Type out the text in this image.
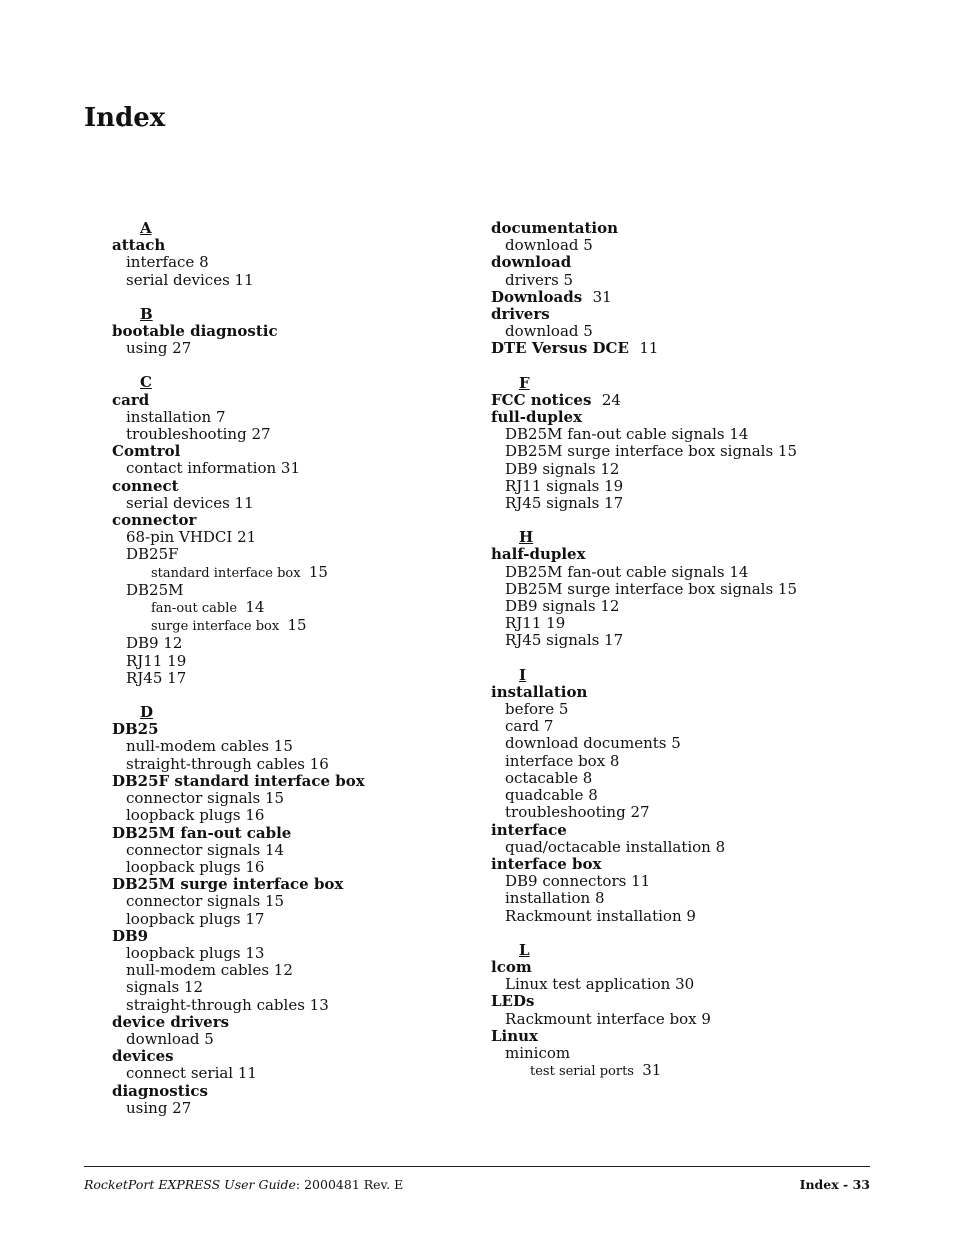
Index
A
attach
interface 8
serial devices 11
B
bootable diagnostic
using 27
C
card
installation 7
troubleshooting 27
Comtrol
contact information 31
connect
serial devices 11
connector
68-pin VHDCI 21
DB25F
standard interface box 15
DB25M
fan-out cable 14
surge interface box 15
DB9 12
RJ11 19
RJ45 17
D
DB25
null-modem cables 15
straight-through cables 16
DB25F standard interface box
connector signals 15
loopback plugs 16
DB25M fan-out cable
connector signals 14
loopback plugs 16
DB25M surge interface box
connector signals 15
loopback plugs 17
DB9
loopback plugs 13
null-modem cables 12
signals 12
straight-through cables 13
device drivers
download 5
devices
connect serial 11
diagnostics
using 27
documentation
download 5
download
drivers 5
Downloads 31
drivers
download 5
DTE Versus DCE 11
F
FCC notices 24
full-duplex
DB25M fan-out cable signals 14
DB25M surge interface box signals 15
DB9 signals 12
RJ11 signals 19
RJ45 signals 17
H
half-duplex
DB25M fan-out cable signals 14
DB25M surge interface box signals 15
DB9 signals 12
RJ11 19
RJ45 signals 17
I
installation
before 5
card 7
download documents 5
interface box 8
octacable 8
quadcable 8
troubleshooting 27
interface
quad/octacable installation 8
interface box
DB9 connectors 11
installation 8
Rackmount installation 9
L
lcom
Linux test application 30
LEDs
Rackmount interface box 9
Linux
minicom
test serial ports 31
RocketPort EXPRESS User Guide: 2000481 Rev. E	Index - 33
